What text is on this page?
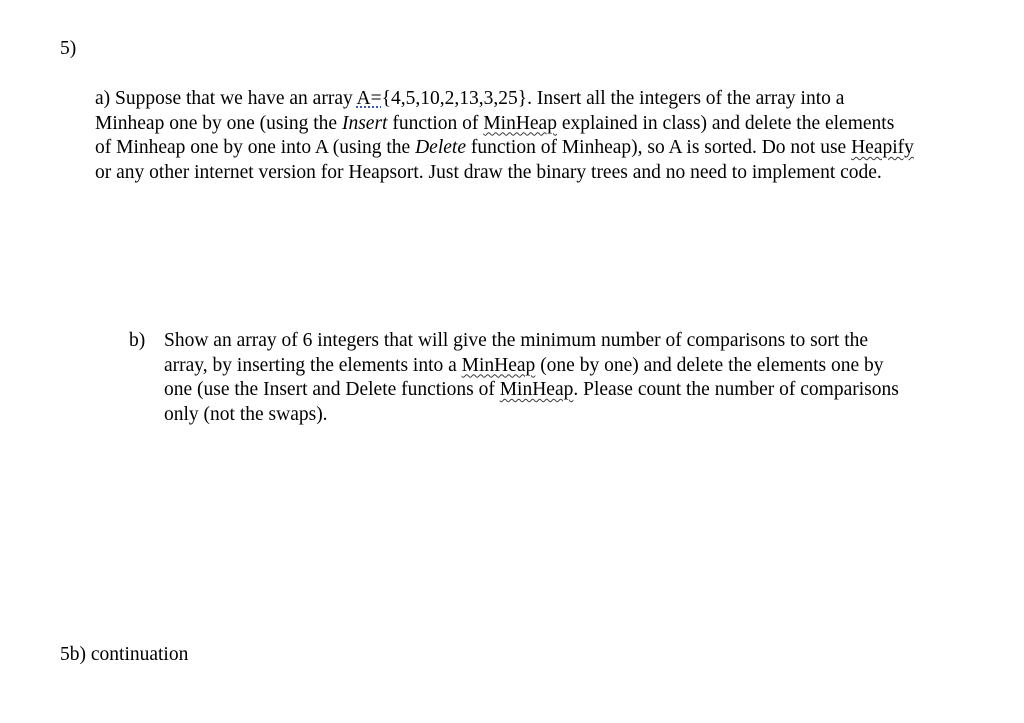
5)
a) Suppose that we have an array A={4,5,10,2,13,3,25}. Insert all the integers of the array into a Minheap one by one (using the Insert function of MinHeap explained in class) and delete the elements of Minheap one by one into A (using the Delete function of Minheap), so A is sorted. Do not use Heapify or any other internet version for Heapsort. Just draw the binary trees and no need to implement code.
b) Show an array of 6 integers that will give the minimum number of comparisons to sort the array, by inserting the elements into a MinHeap (one by one) and delete the elements one by one (use the Insert and Delete functions of MinHeap. Please count the number of comparisons only (not the swaps).
5b) continuation
